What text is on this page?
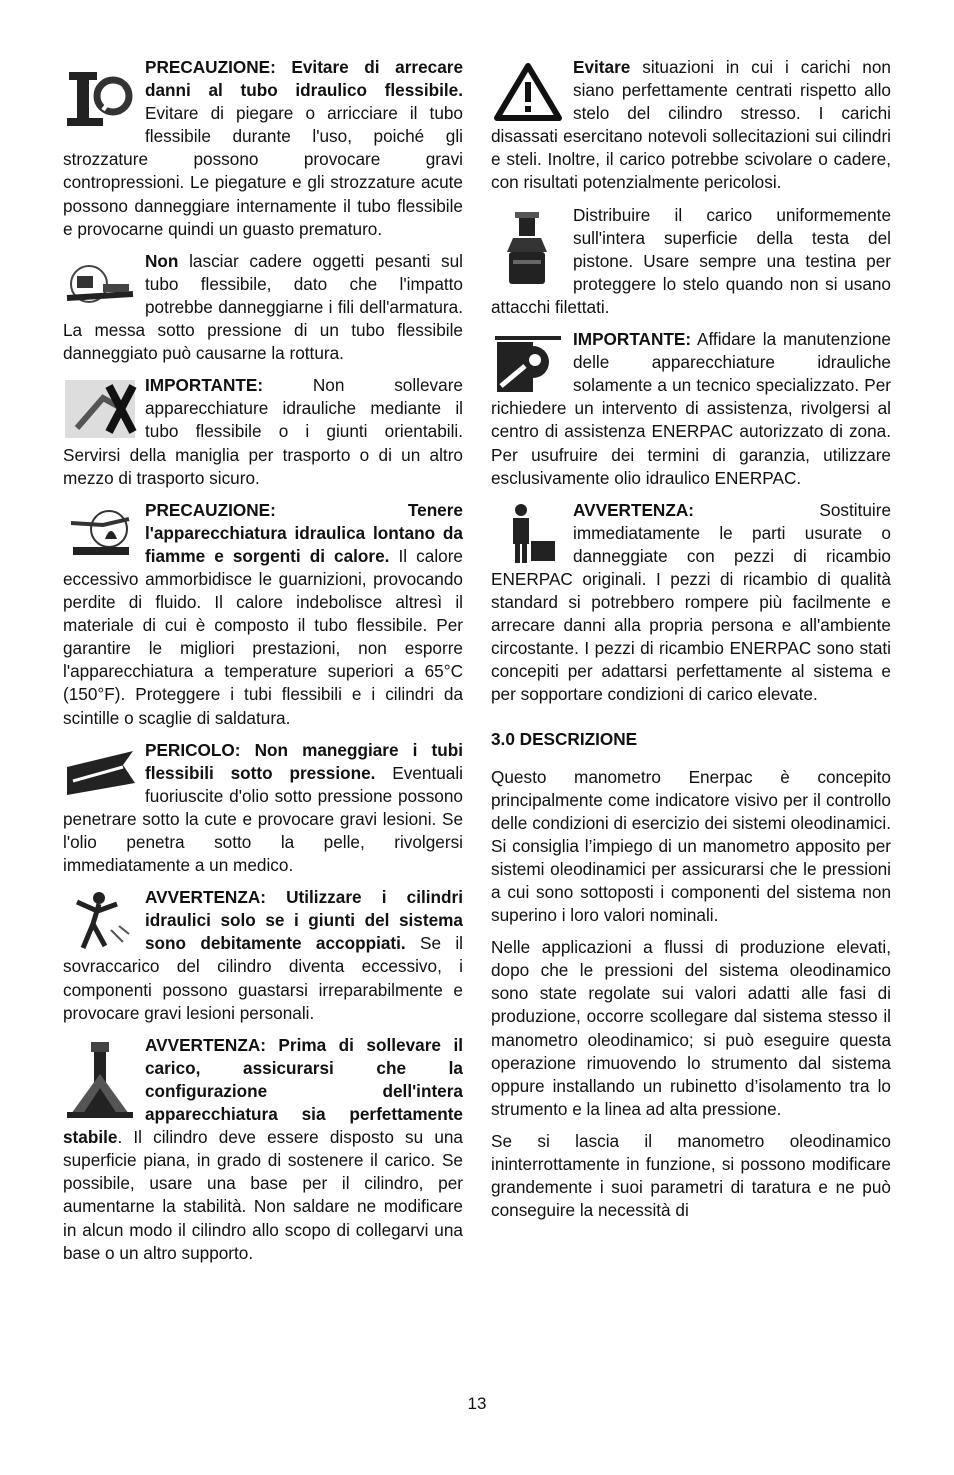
PRECAUZIONE: Evitare di arrecare danni al tubo idraulico flessibile. Evitare di piegare o arricciare il tubo flessibile durante l'uso, poiché gli strozzature possono provocare gravi contropressioni. Le piegature e gli strozzature acute possono danneggiare internamente il tubo flessibile e provocarne quindi un guasto prematuro.
Non lasciar cadere oggetti pesanti sul tubo flessibile, dato che l'impatto potrebbe danneggiarne i fili dell'armatura. La messa sotto pressione di un tubo flessibile danneggiato può causarne la rottura.
IMPORTANTE: Non sollevare apparecchiature idrauliche mediante il tubo flessibile o i giunti orientabili. Servirsi della maniglia per trasporto o di un altro mezzo di trasporto sicuro.
PRECAUZIONE: Tenere l'apparecchiatura idraulica lontano da fiamme e sorgenti di calore. Il calore eccessivo ammorbidisce le guarnizioni, provocando perdite di fluido. Il calore indebolisce altresì il materiale di cui è composto il tubo flessibile. Per garantire le migliori prestazioni, non esporre l'apparecchiatura a temperature superiori a 65°C (150°F). Proteggere i tubi flessibili e i cilindri da scintille o scaglie di saldatura.
PERICOLO: Non maneggiare i tubi flessibili sotto pressione. Eventuali fuoriuscite d'olio sotto pressione possono penetrare sotto la cute e provocare gravi lesioni. Se l'olio penetra sotto la pelle, rivolgersi immediatamente a un medico.
AVVERTENZA: Utilizzare i cilindri idraulici solo se i giunti del sistema sono debitamente accoppiati. Se il sovraccarico del cilindro diventa eccessivo, i componenti possono guastarsi irreparabilmente e provocare gravi lesioni personali.
AVVERTENZA: Prima di sollevare il carico, assicurarsi che la configurazione dell'intera apparecchiatura sia perfettamente stabile. Il cilindro deve essere disposto su una superficie piana, in grado di sostenere il carico. Se possibile, usare una base per il cilindro, per aumentarne la stabilità. Non saldare ne modificare in alcun modo il cilindro allo scopo di collegarvi una base o un altro supporto.
Evitare situazioni in cui i carichi non siano perfettamente centrati rispetto allo stelo del cilindro stresso. I carichi disassati esercitano notevoli sollecitazioni sui cilindri e steli. Inoltre, il carico potrebbe scivolare o cadere, con risultati potenzialmente pericolosi.
Distribuire il carico uniformemente sull'intera superficie della testa del pistone. Usare sempre una testina per proteggere lo stelo quando non si usano attacchi filettati.
IMPORTANTE: Affidare la manutenzione delle apparecchiature idrauliche solamente a un tecnico specializzato. Per richiedere un intervento di assistenza, rivolgersi al centro di assistenza ENERPAC autorizzato di zona. Per usufruire dei termini di garanzia, utilizzare esclusivamente olio idraulico ENERPAC.
AVVERTENZA: Sostituire immediatamente le parti usurate o danneggiate con pezzi di ricambio ENERPAC originali. I pezzi di ricambio di qualità standard si potrebbero rompere più facilmente e arrecare danni alla propria persona e all'ambiente circostante. I pezzi di ricambio ENERPAC sono stati concepiti per adattarsi perfettamente al sistema e per sopportare condizioni di carico elevate.
3.0 DESCRIZIONE

Questo manometro Enerpac è concepito principalmente come indicatore visivo per il controllo delle condizioni di esercizio dei sistemi oleodinamici. Si consiglia l’impiego di un manometro apposito per sistemi oleodinamici per assicurarsi che le pressioni a cui sono sottoposti i componenti del sistema non superino i loro valori nominali.

Nelle applicazioni a flussi di produzione elevati, dopo che le pressioni del sistema oleodinamico sono state regolate sui valori adatti alle fasi di produzione, occorre scollegare dal sistema stesso il manometro oleodinamico; si può eseguire questa operazione rimuovendo lo strumento dal sistema oppure installando un rubinetto d’isolamento tra lo strumento e la linea ad alta pressione.

Se si lascia il manometro oleodinamico ininterrottamente in funzione, si possono modificare grandemente i suoi parametri di taratura e ne può conseguire la necessità di

13
